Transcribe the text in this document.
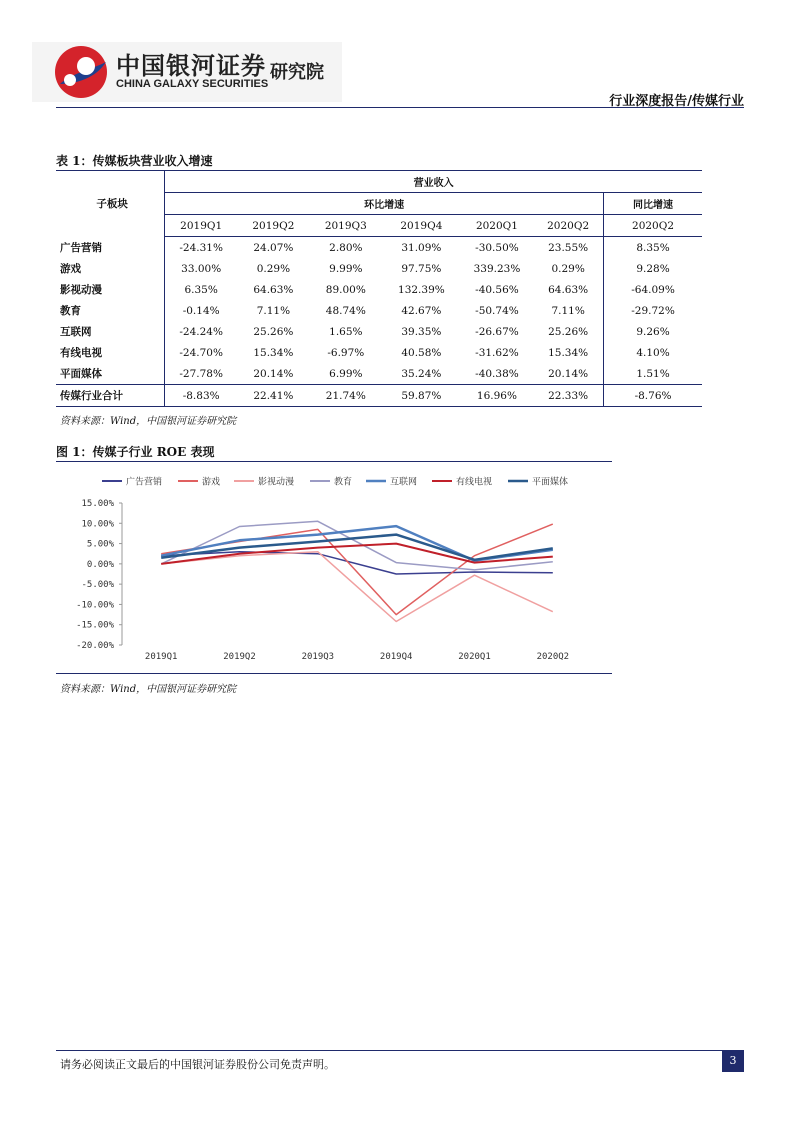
中国银河证券
CHINA GALAXY SECURITIES
研究院
行业深度报告/传媒行业
表 1：传媒板块营业收入增速
子板块	营业收入						
	环比增速						同比增速
	2019Q1	2019Q2	2019Q3	2019Q4	2020Q1	2020Q2	2020Q2
广告营销	-24.31%	24.07%	2.80%	31.09%	-30.50%	23.55%	8.35%
游戏	33.00%	0.29%	9.99%	97.75%	339.23%	0.29%	9.28%
影视动漫	6.35%	64.63%	89.00%	132.39%	-40.56%	64.63%	-64.09%
教育	-0.14%	7.11%	48.74%	42.67%	-50.74%	7.11%	-29.72%
互联网	-24.24%	25.26%	1.65%	39.35%	-26.67%	25.26%	9.26%
有线电视	-24.70%	15.34%	-6.97%	40.58%	-31.62%	15.34%	4.10%
平面媒体	-27.78%	20.14%	6.99%	35.24%	-40.38%	20.14%	1.51%
传媒行业合计	-8.83%	22.41%	21.74%	59.87%	16.96%	22.33%	-8.76%
资料来源：Wind，中国银河证券研究院
图 1：传媒子行业 ROE 表现
15.00%
10.00%
5.00%
0.00%
-5.00%
-10.00%
-15.00%
-20.00%
2019Q1	2019Q2	2019Q3	2019Q4	2020Q1	2020Q2
广告营销	游戏	影视动漫	教育	互联网	有线电视	平面媒体
资料来源：Wind，中国银河证券研究院
请务必阅读正文最后的中国银河证券股份公司免责声明。	3
